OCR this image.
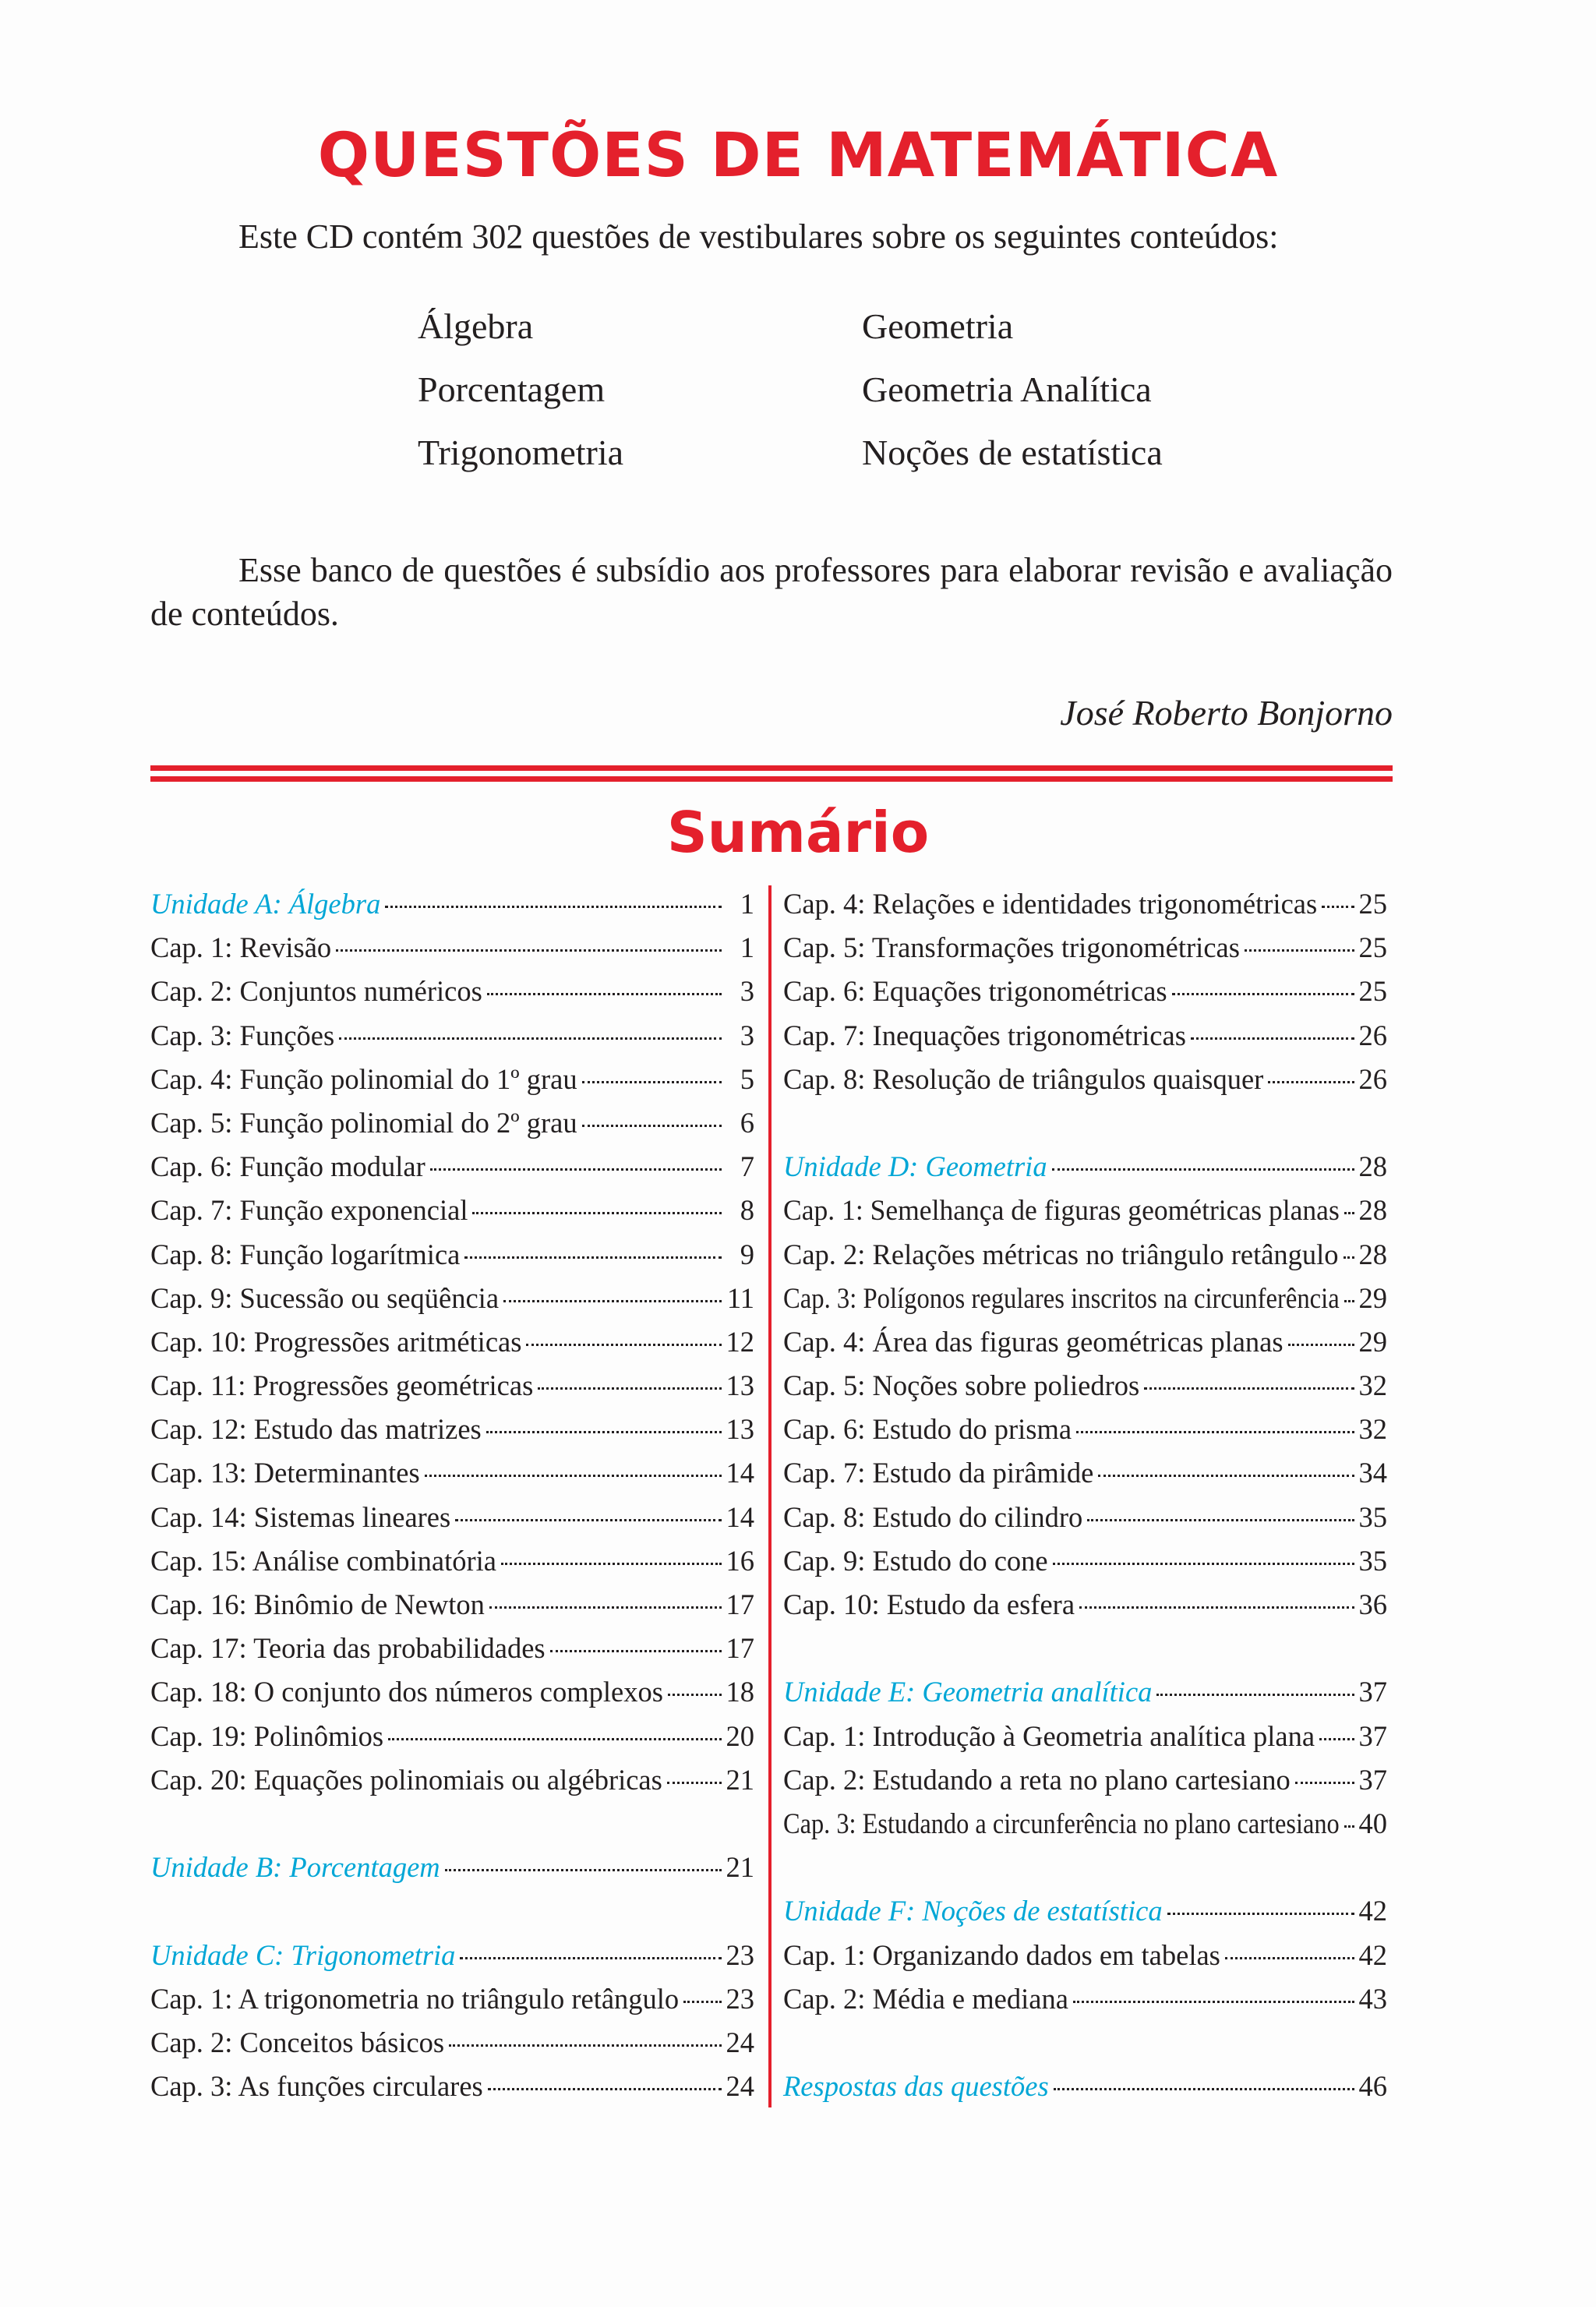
QUESTÕES DE MATEMÁTICA

Este CD contém 302 questões de vestibulares sobre os seguintes conteúdos:

Álgebra	Geometria
Porcentagem	Geometria Analítica
Trigonometria	Noções de estatística

Esse banco de questões é subsídio aos professores para elaborar revisão e avaliação de conteúdos.

José Roberto Bonjorno
Sumário
Unidade A: Álgebra	1
Cap. 1: Revisão	1
Cap. 2: Conjuntos numéricos	3
Cap. 3: Funções	3
Cap. 4: Função polinomial do 1º grau	5
Cap. 5: Função polinomial do 2º grau	6
Cap. 6: Função modular	7
Cap. 7: Função exponencial	8
Cap. 8: Função logarítmica	9
Cap. 9: Sucessão ou seqüência	11
Cap. 10: Progressões aritméticas	12
Cap. 11: Progressões geométricas	13
Cap. 12: Estudo das matrizes	13
Cap. 13: Determinantes	14
Cap. 14: Sistemas lineares	14
Cap. 15: Análise combinatória	16
Cap. 16: Binômio de Newton	17
Cap. 17: Teoria das probabilidades	17
Cap. 18: O conjunto dos números complexos 18
Cap. 19: Polinômios	20
Cap. 20: Equações polinomiais ou algébricas 21
Unidade B: Porcentagem	21
Unidade C: Trigonometria	23
Cap. 1: A trigonometria no triângulo retângulo 23
Cap. 2: Conceitos básicos	24
Cap. 3: As funções circulares	24
Cap. 4: Relações e identidades trigonométricas 25
Cap. 5: Transformações trigonométricas	25
Cap. 6: Equações trigonométricas	25
Cap. 7: Inequações trigonométricas	26
Cap. 8: Resolução de triângulos quaisquer	26
Unidade D: Geometria	28
Cap. 1: Semelhança de figuras geométricas planas 28
Cap. 2: Relações métricas no triângulo retângulo 28
Cap. 3: Polígonos regulares inscritos na circunferência 29
Cap. 4: Área das figuras geométricas planas	29
Cap. 5: Noções sobre poliedros	32
Cap. 6: Estudo do prisma	32
Cap. 7: Estudo da pirâmide	34
Cap. 8: Estudo do cilindro	35
Cap. 9: Estudo do cone	35
Cap. 10: Estudo da esfera	36
Unidade E: Geometria analítica	37
Cap. 1: Introdução à Geometria analítica plana 37
Cap. 2: Estudando a reta no plano cartesiano 37
Cap. 3: Estudando a circunferência no plano cartesiano 40
Unidade F: Noções de estatística	42
Cap. 1: Organizando dados em tabelas	42
Cap. 2: Média e mediana	43
Respostas das questões	46
